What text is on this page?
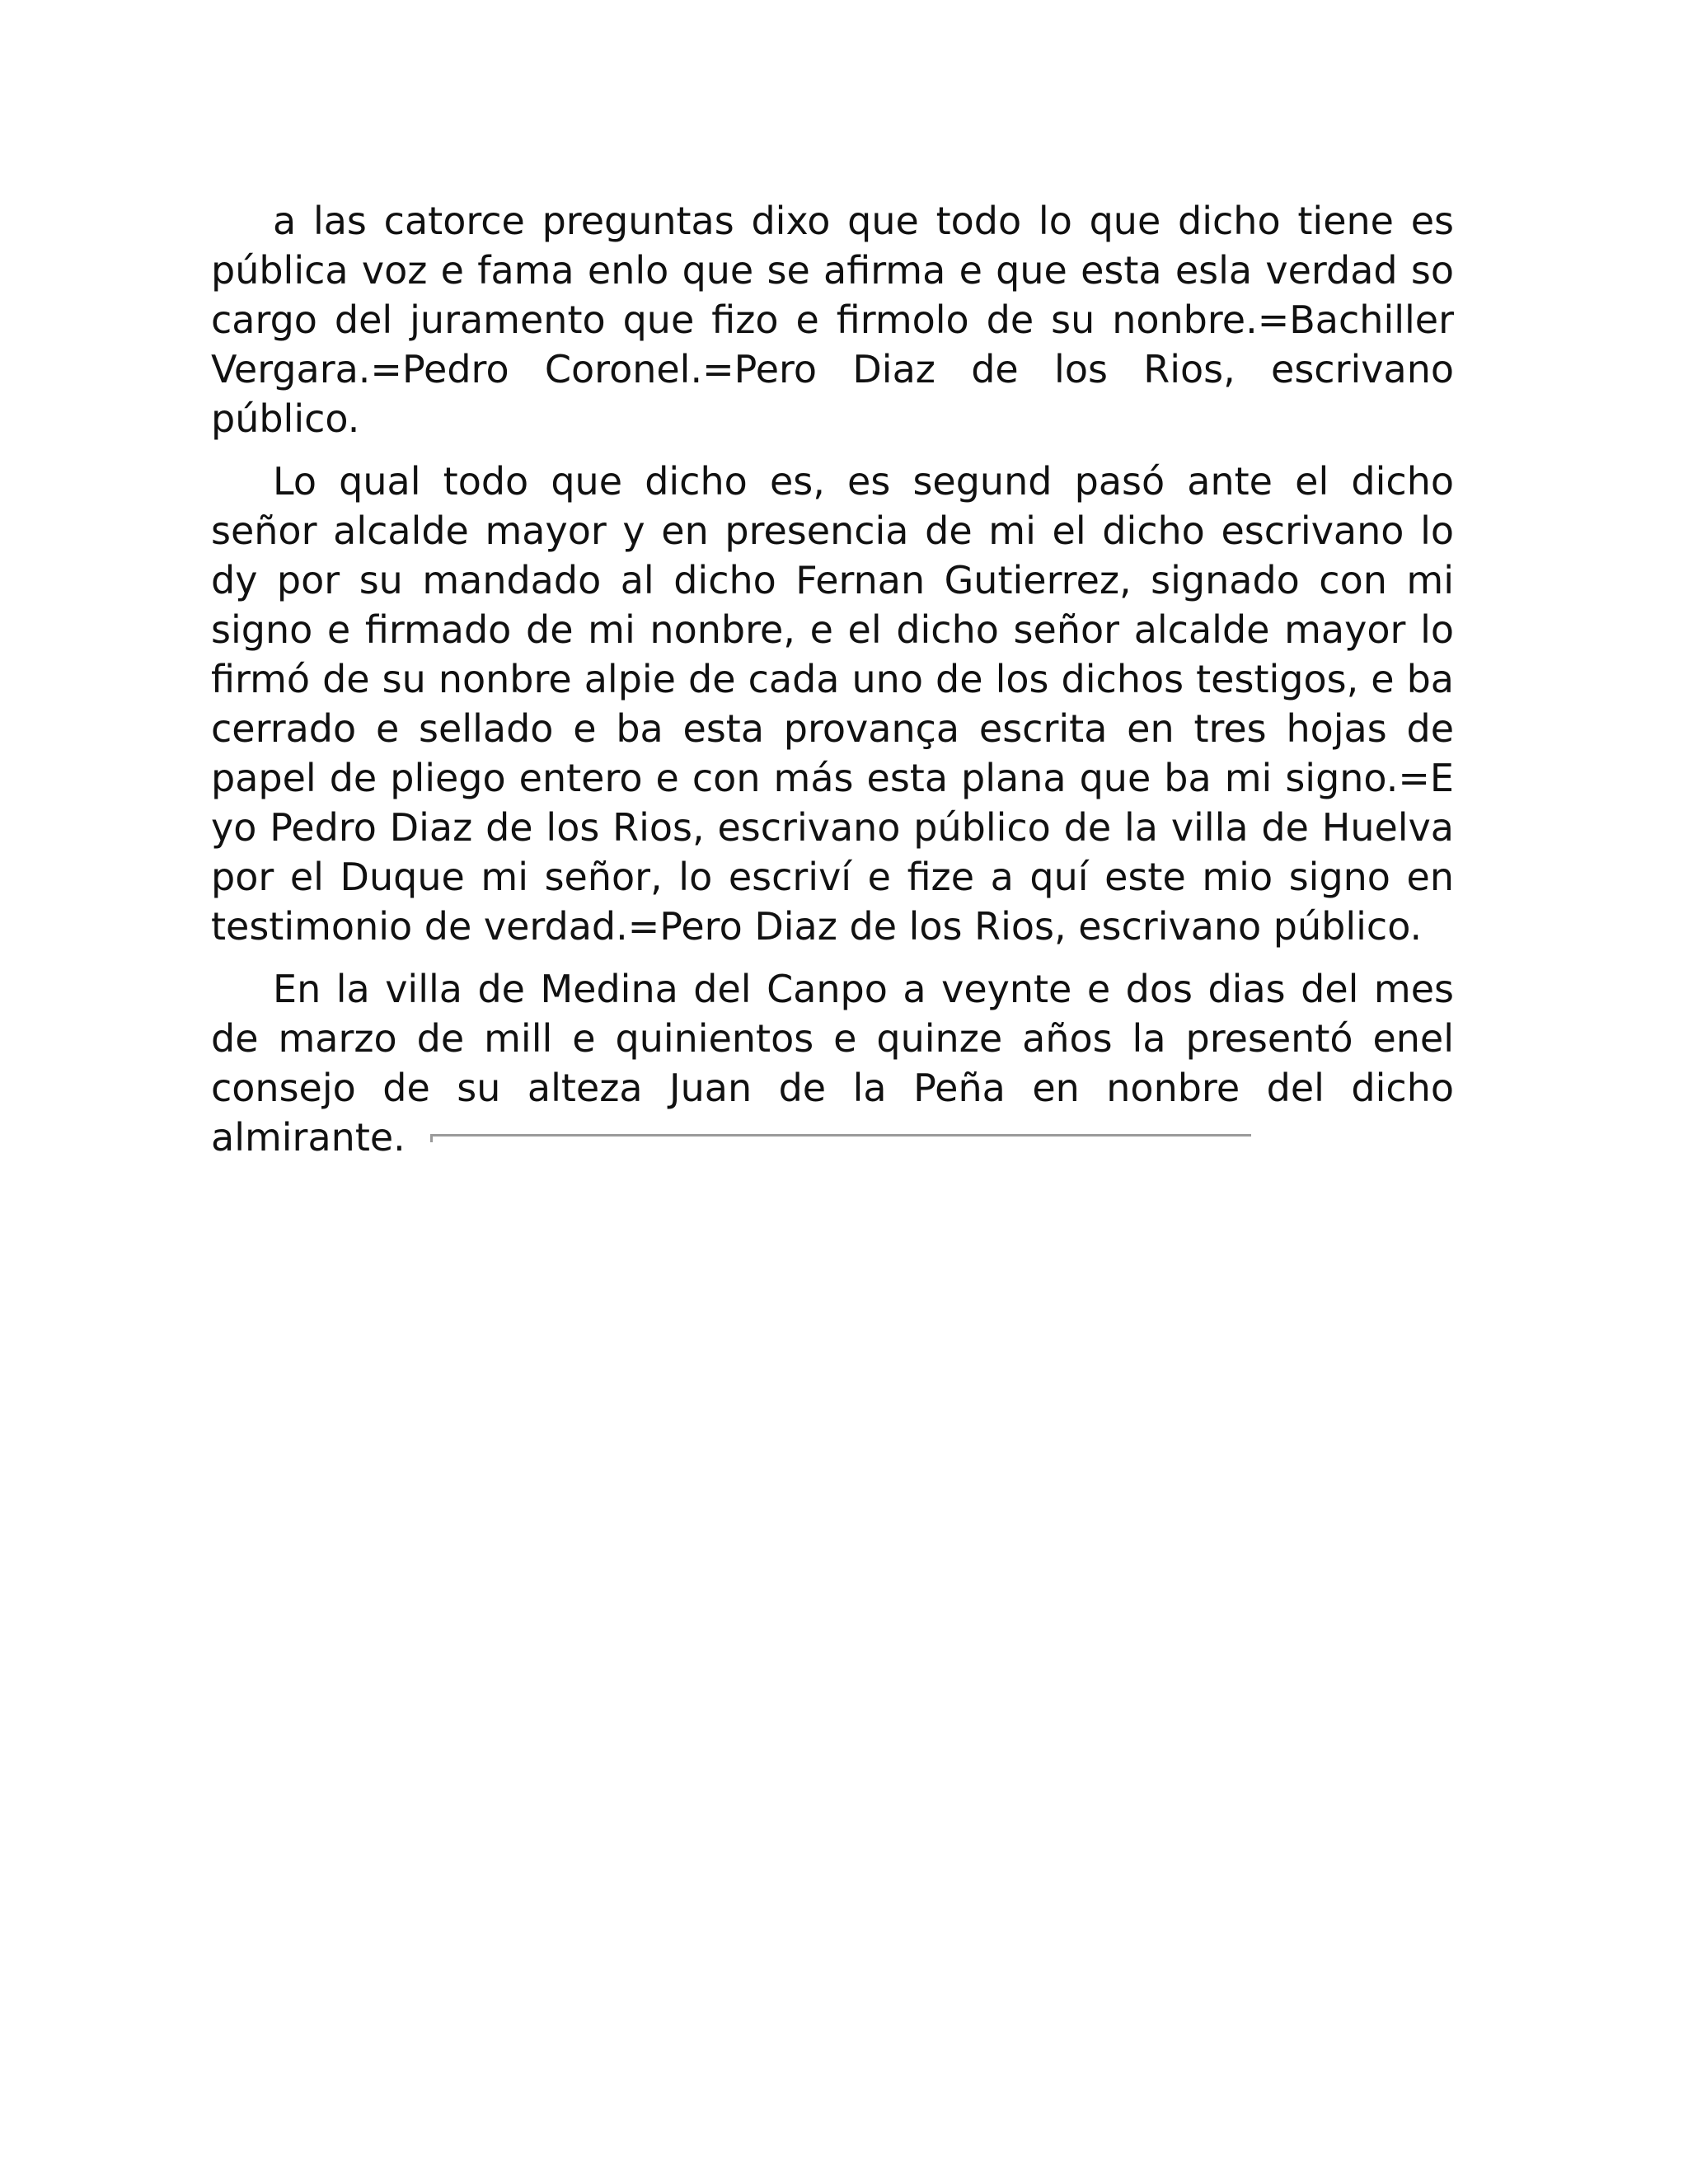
a las catorce preguntas dixo que todo lo que dicho tiene es pública voz e fama enlo que se afirma e que esta esla verdad so cargo del juramento que fizo e firmolo de su nonbre.=Bachiller Vergara.=Pedro Coronel.=Pero Diaz de los Rios, escrivano público.

Lo qual todo que dicho es, es segund pasó ante el dicho señor alcalde mayor y en presencia de mi el dicho escrivano lo dy por su mandado al dicho Fernan Gutierrez, signado con mi signo e firmado de mi nonbre, e el dicho señor alcalde mayor lo firmó de su nonbre alpie de cada uno de los dichos testigos, e ba cerrado e sellado e ba esta provança escrita en tres hojas de papel de pliego entero e con más esta plana que ba mi signo.=E yo Pedro Diaz de los Rios, escrivano público de la villa de Huelva por el Duque mi señor, lo escriví e fize a quí este mio signo en testimonio de verdad.=Pero Diaz de los Rios, escrivano público.

En la villa de Medina del Canpo a veynte e dos dias del mes de marzo de mill e quinientos e quinze años la presentó enel consejo de su alteza Juan de la Peña en nonbre del dicho almirante.
